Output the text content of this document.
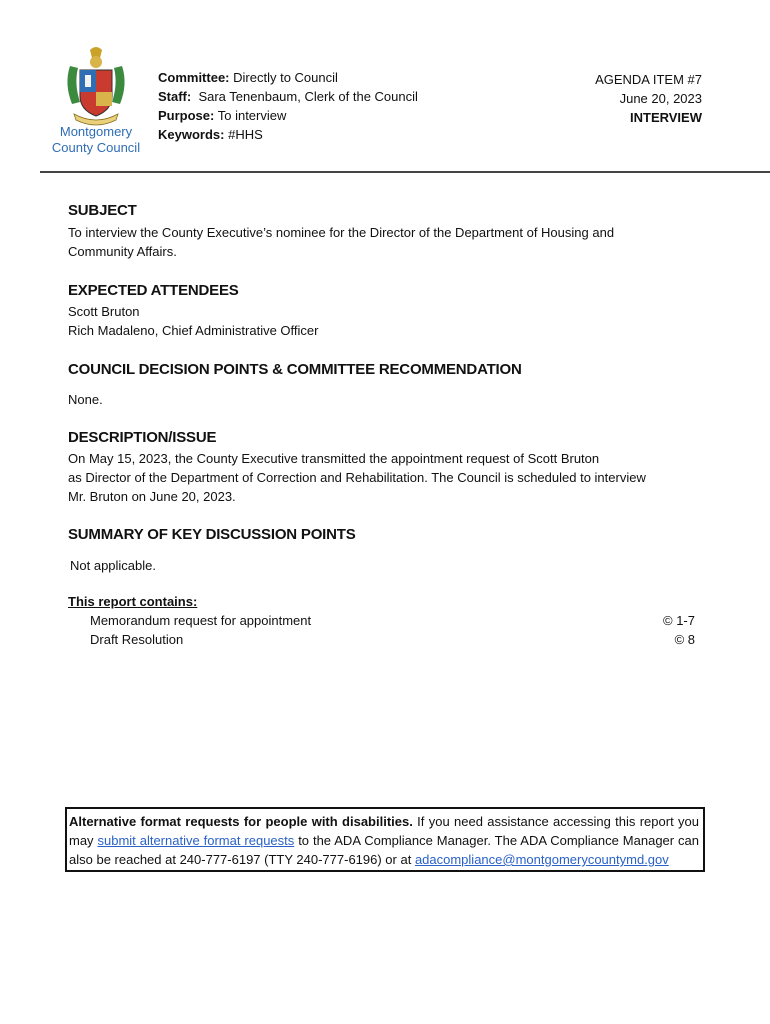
Montgomery
County Council
Committee: Directly to Council
Staff: Sara Tenenbaum, Clerk of the Council
Purpose: To interview
Keywords: #HHS
AGENDA ITEM #7
June 20, 2023
INTERVIEW
SUBJECT
To interview the County Executive’s nominee for the Director of the Department of Housing and Community Affairs.
EXPECTED ATTENDEES
Scott Bruton
Rich Madaleno, Chief Administrative Officer
COUNCIL DECISION POINTS & COMMITTEE RECOMMENDATION
None.
DESCRIPTION/ISSUE
On May 15, 2023, the County Executive transmitted the appointment request of Scott Bruton
as Director of the Department of Correction and Rehabilitation. The Council is scheduled to interview
Mr. Bruton on June 20, 2023.
SUMMARY OF KEY DISCUSSION POINTS
Not applicable.
This report contains:
Memorandum request for appointment	© 1-7
Draft Resolution	© 8
Alternative format requests for people with disabilities. If you need assistance accessing this report you may submit alternative format requests to the ADA Compliance Manager. The ADA Compliance Manager can also be reached at 240-777-6197 (TTY 240-777-6196) or at adacompliance@montgomerycountymd.gov
